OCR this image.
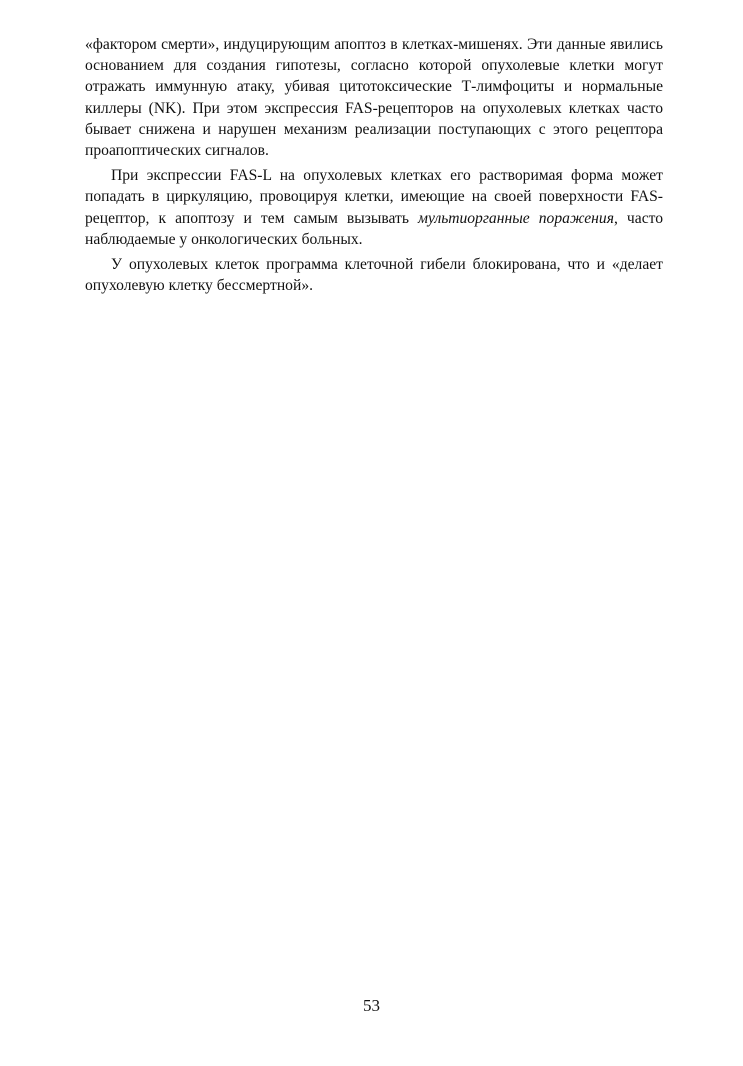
«фактором смерти», индуцирующим апоптоз в клетках-мишенях. Эти данные явились основанием для создания гипотезы, согласно которой опухолевые клетки могут отражать иммунную атаку, убивая цитотоксические Т-лимфоциты и нормальные киллеры (NK). При этом экспрессия FAS-рецепторов на опухолевых клетках часто бывает снижена и нарушен механизм реализации поступающих с этого рецептора проапоптических сигналов.

При экспрессии FAS-L на опухолевых клетках его растворимая форма может попадать в циркуляцию, провоцируя клетки, имеющие на своей поверхности FAS-рецептор, к апоптозу и тем самым вызывать мультиорганные поражения, часто наблюдаемые у онкологических больных.

У опухолевых клеток программа клеточной гибели блокирована, что и «делает опухолевую клетку бессмертной».

53
